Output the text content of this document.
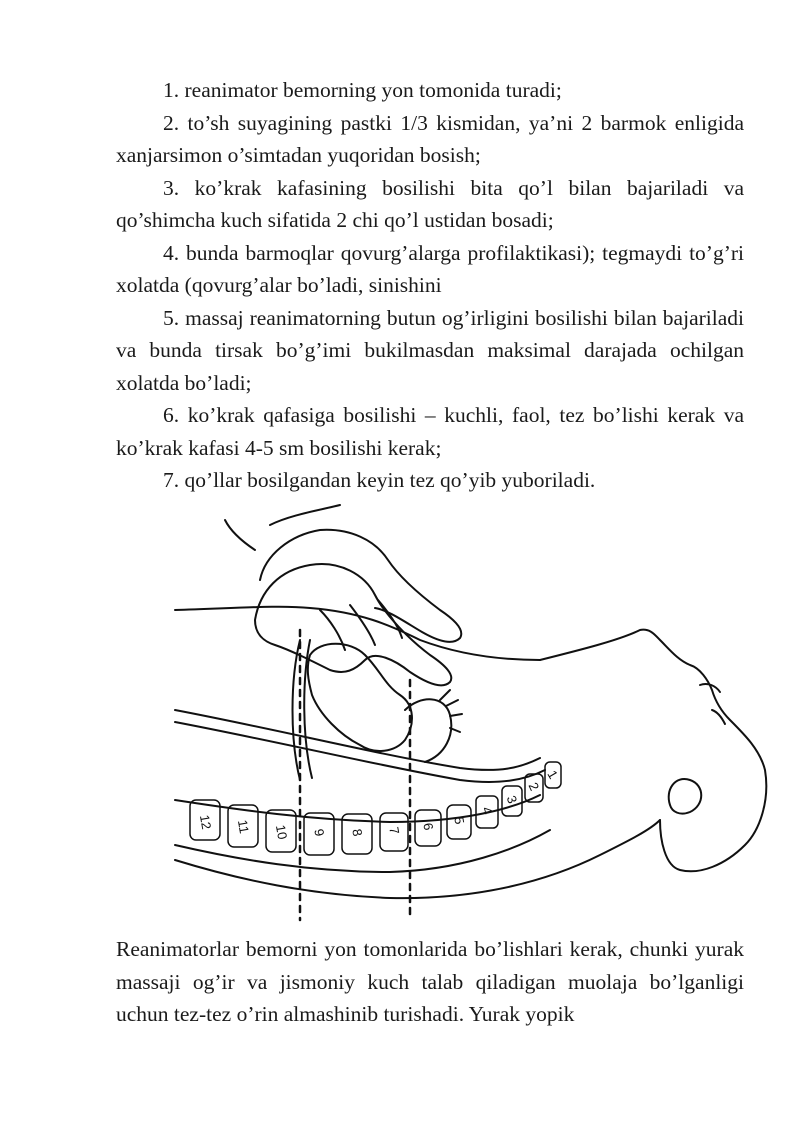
1. reanimator bemorning yon tomonida turadi;

2. to’sh suyagining pastki 1/3 kismidan, ya’ni 2 barmok enligida xanjarsimon o’simtadan yuqoridan bosish;

3. ko’krak kafasining bosilishi bita qo’l bilan bajariladi va qo’shimcha kuch sifatida 2 chi qo’l ustidan bosadi;

4. bunda barmoqlar qovurg’alarga profilaktikasi); tegmaydi to’g’ri xolatda (qovurg’alar bo’ladi, sinishini

5. massaj reanimatorning butun og’irligini bosilishi bilan bajariladi va bunda tirsak bo’g’imi bukilmasdan maksimal darajada ochilgan xolatda bo’ladi;

6. ko’krak qafasiga bosilishi – kuchli, faol, tez bo’lishi kerak va ko’krak kafasi 4-5 sm bosilishi kerak;

7. qo’llar bosilgandan keyin tez qo’yib yuboriladi.

12 11 10 9 8 7 6
5
4
3
2
1

Reanimatorlar bemorni yon tomonlarida bo’lishlari kerak, chunki yurak massaji og’ir va jismoniy kuch talab qiladigan muolaja bo’lganligi uchun tez-tez o’rin almashinib turishadi. Yurak yopik
